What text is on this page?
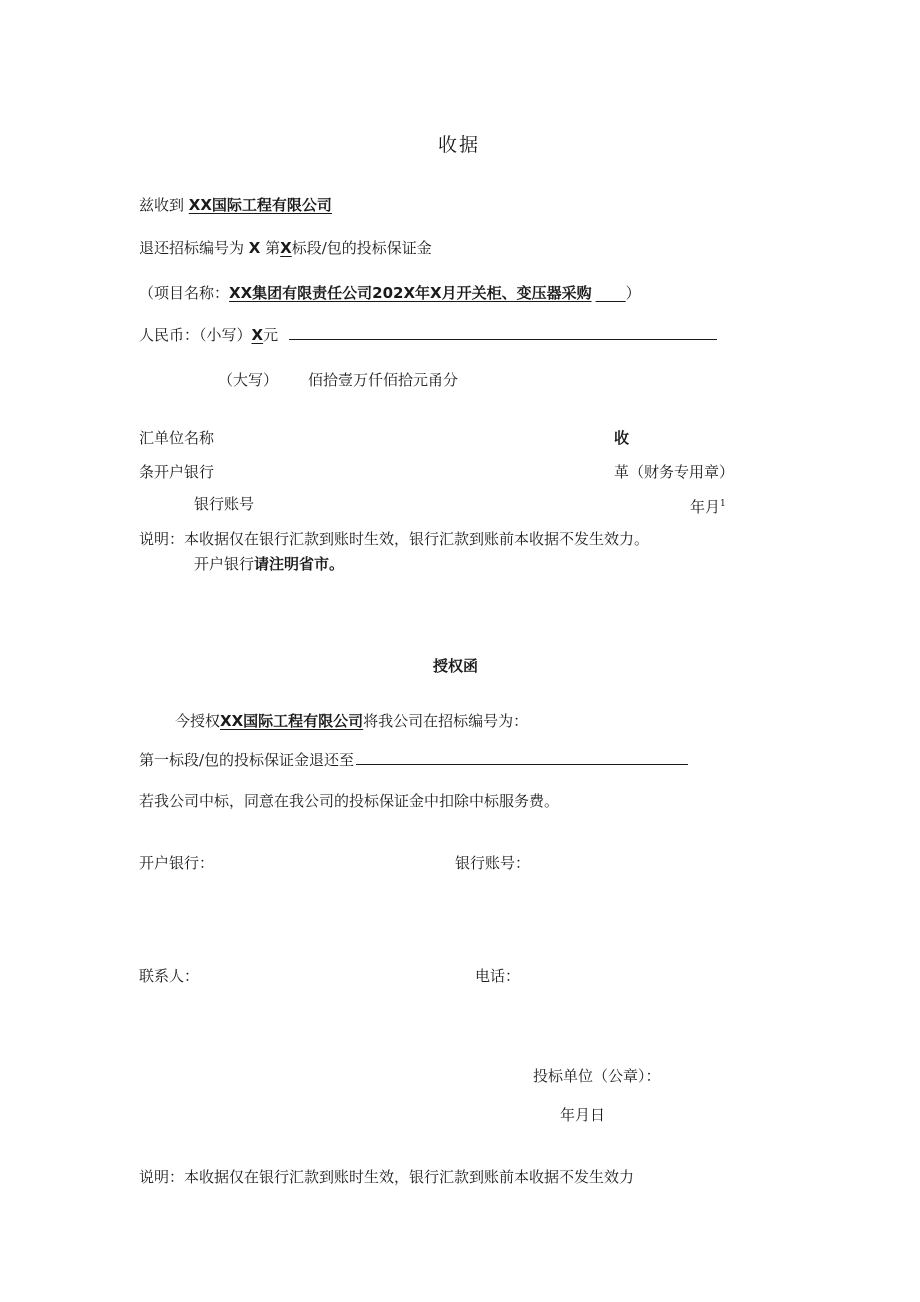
收据
兹收到 XX国际工程有限公司
退还招标编号为 X 第X标段/包的投标保证金
（项目名称：XX集团有限责任公司202X年X月开关柜、变压器采购 ____）
人民币：（小写）X元
（大写） 佰拾壹万仟佰拾元甬分
汇单位名称
条开户银行
银行账号
收
革（财务专用章）
年月$^1$
说明：本收据仅在银行汇款到账时生效，银行汇款到账前本收据不发生效力。
开户银行请注明省市。
授权函
今授权XX国际工程有限公司将我公司在招标编号为：
第一标段/包的投标保证金退还至
若我公司中标，同意在我公司的投标保证金中扣除中标服务费。
开户银行：	银行账号：
联系人：	电话：
投标单位（公章）：
年月日
说明：本收据仅在银行汇款到账时生效，银行汇款到账前本收据不发生效力
